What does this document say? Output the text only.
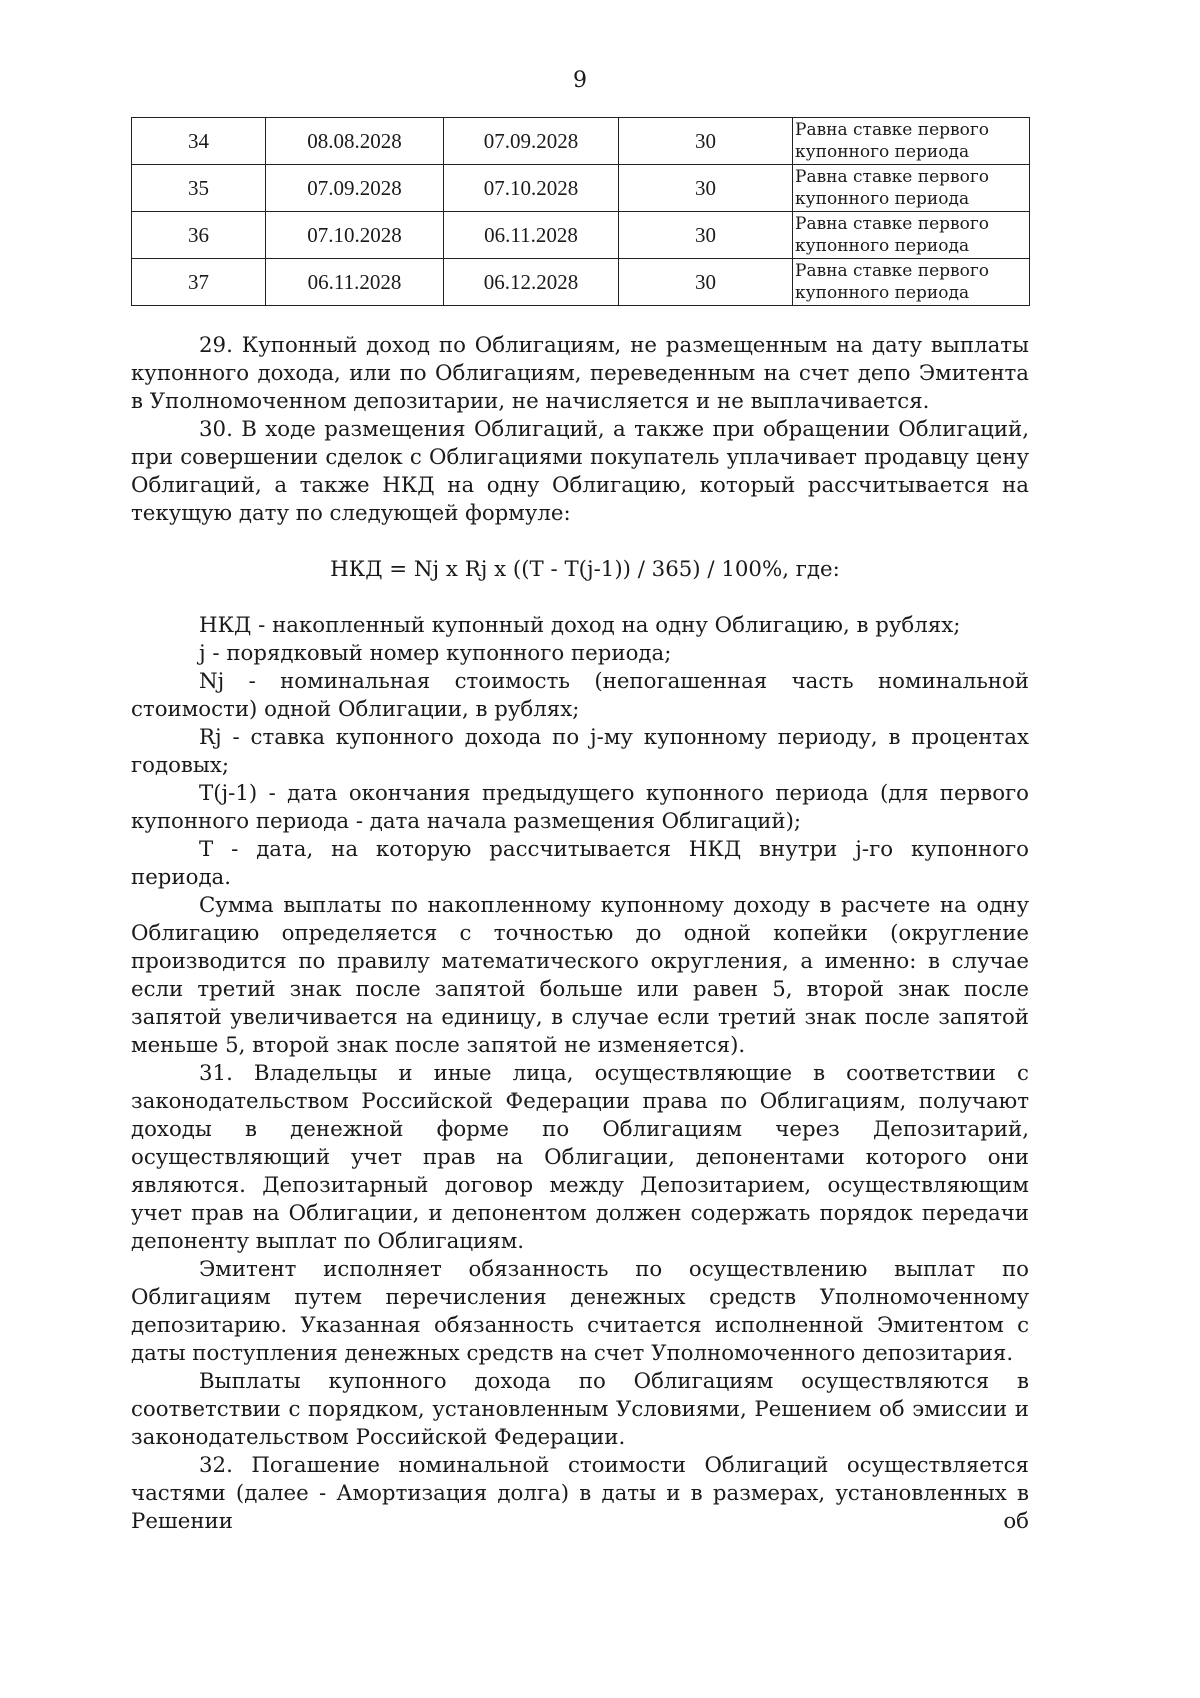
9
34	08.08.2028	07.09.2028	30	Равна ставке первого купонного периода
35	07.09.2028	07.10.2028	30	Равна ставке первого купонного периода
36	07.10.2028	06.11.2028	30	Равна ставке первого купонного периода
37	06.11.2028	06.12.2028	30	Равна ставке первого купонного периода

29. Купонный доход по Облигациям, не размещенным на дату выплаты купонного дохода, или по Облигациям, переведенным на счет депо Эмитента в Уполномоченном депозитарии, не начисляется и не выплачивается.

30. В ходе размещения Облигаций, а также при обращении Облигаций, при совершении сделок с Облигациями покупатель уплачивает продавцу цену Облигаций, а также НКД на одну Облигацию, который рассчитывается на текущую дату по следующей формуле:

НКД = Nj x Rj x ((T - T(j-1)) / 365) / 100%, где:

НКД - накопленный купонный доход на одну Облигацию, в рублях;

j - порядковый номер купонного периода;

Nj - номинальная стоимость (непогашенная часть номинальной стоимости) одной Облигации, в рублях;

Rj - ставка купонного дохода по j-му купонному периоду, в процентах годовых;

T(j-1) - дата окончания предыдущего купонного периода (для первого купонного периода - дата начала размещения Облигаций);

T - дата, на которую рассчитывается НКД внутри j-го купонного периода.

Сумма выплаты по накопленному купонному доходу в расчете на одну Облигацию определяется с точностью до одной копейки (округление производится по правилу математического округления, а именно: в случае если третий знак после запятой больше или равен 5, второй знак после запятой увеличивается на единицу, в случае если третий знак после запятой меньше 5, второй знак после запятой не изменяется).

31. Владельцы и иные лица, осуществляющие в соответствии с законодательством Российской Федерации права по Облигациям, получают доходы в денежной форме по Облигациям через Депозитарий, осуществляющий учет прав на Облигации, депонентами которого они являются. Депозитарный договор между Депозитарием, осуществляющим учет прав на Облигации, и депонентом должен содержать порядок передачи депоненту выплат по Облигациям.

Эмитент исполняет обязанность по осуществлению выплат по Облигациям путем перечисления денежных средств Уполномоченному депозитарию. Указанная обязанность считается исполненной Эмитентом с даты поступления денежных средств на счет Уполномоченного депозитария.

Выплаты купонного дохода по Облигациям осуществляются в соответствии с порядком, установленным Условиями, Решением об эмиссии и законодательством Российской Федерации.

32. Погашение номинальной стоимости Облигаций осуществляется частями (далее - Амортизация долга) в даты и в размерах, установленных в Решении об
